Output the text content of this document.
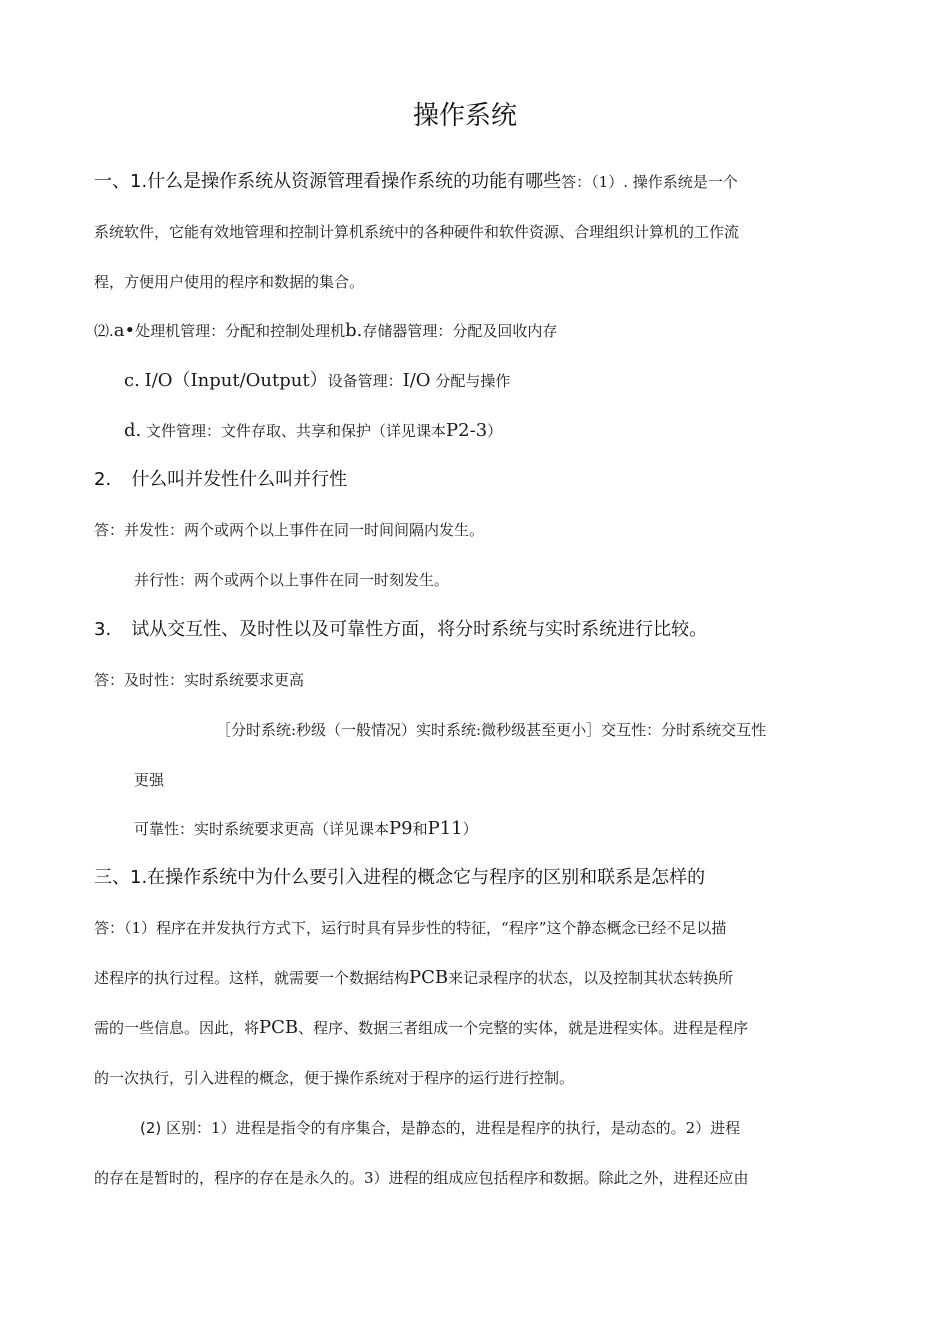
操作系统
一、1.什么是操作系统从资源管理看操作系统的功能有哪些答：（1）. 操作系统是一个
系统软件，它能有效地管理和控制计算机系统中的各种硬件和软件资源、合理组织计算机的工作流
程，方便用户使用的程序和数据的集合。
⑵.a•处理机管理：分配和控制处理机b.存储器管理：分配及回收内存
c. I/O（Input/Output）设备管理：I/O 分配与操作
d. 文件管理：文件存取、共享和保护（详见课本P2-3）
2. 什么叫并发性什么叫并行性
答：并发性：两个或两个以上事件在同一时间间隔内发生。
并行性：两个或两个以上事件在同一时刻发生。
3. 试从交互性、及时性以及可靠性方面，将分时系统与实时系统进行比较。
答：及时性：实时系统要求更高
［分时系统:秒级（一般情况）实时系统:微秒级甚至更小］交互性：分时系统交互性
更强
可靠性：实时系统要求更高（详见课本P9和P11）
三、1.在操作系统中为什么要引入进程的概念它与程序的区别和联系是怎样的
答：（1）程序在并发执行方式下，运行时具有异步性的特征，“程序”这个静态概念已经不足以描
述程序的执行过程。这样，就需要一个数据结构PCB来记录程序的状态，以及控制其状态转换所
需的一些信息。因此，将PCB、程序、数据三者组成一个完整的实体，就是进程实体。进程是程序
的一次执行，引入进程的概念，便于操作系统对于程序的运行进行控制。
(2) 区别：1）进程是指令的有序集合，是静态的，进程是程序的执行，是动态的。2）进程
的存在是暂时的，程序的存在是永久的。3）进程的组成应包括程序和数据。除此之外，进程还应由
